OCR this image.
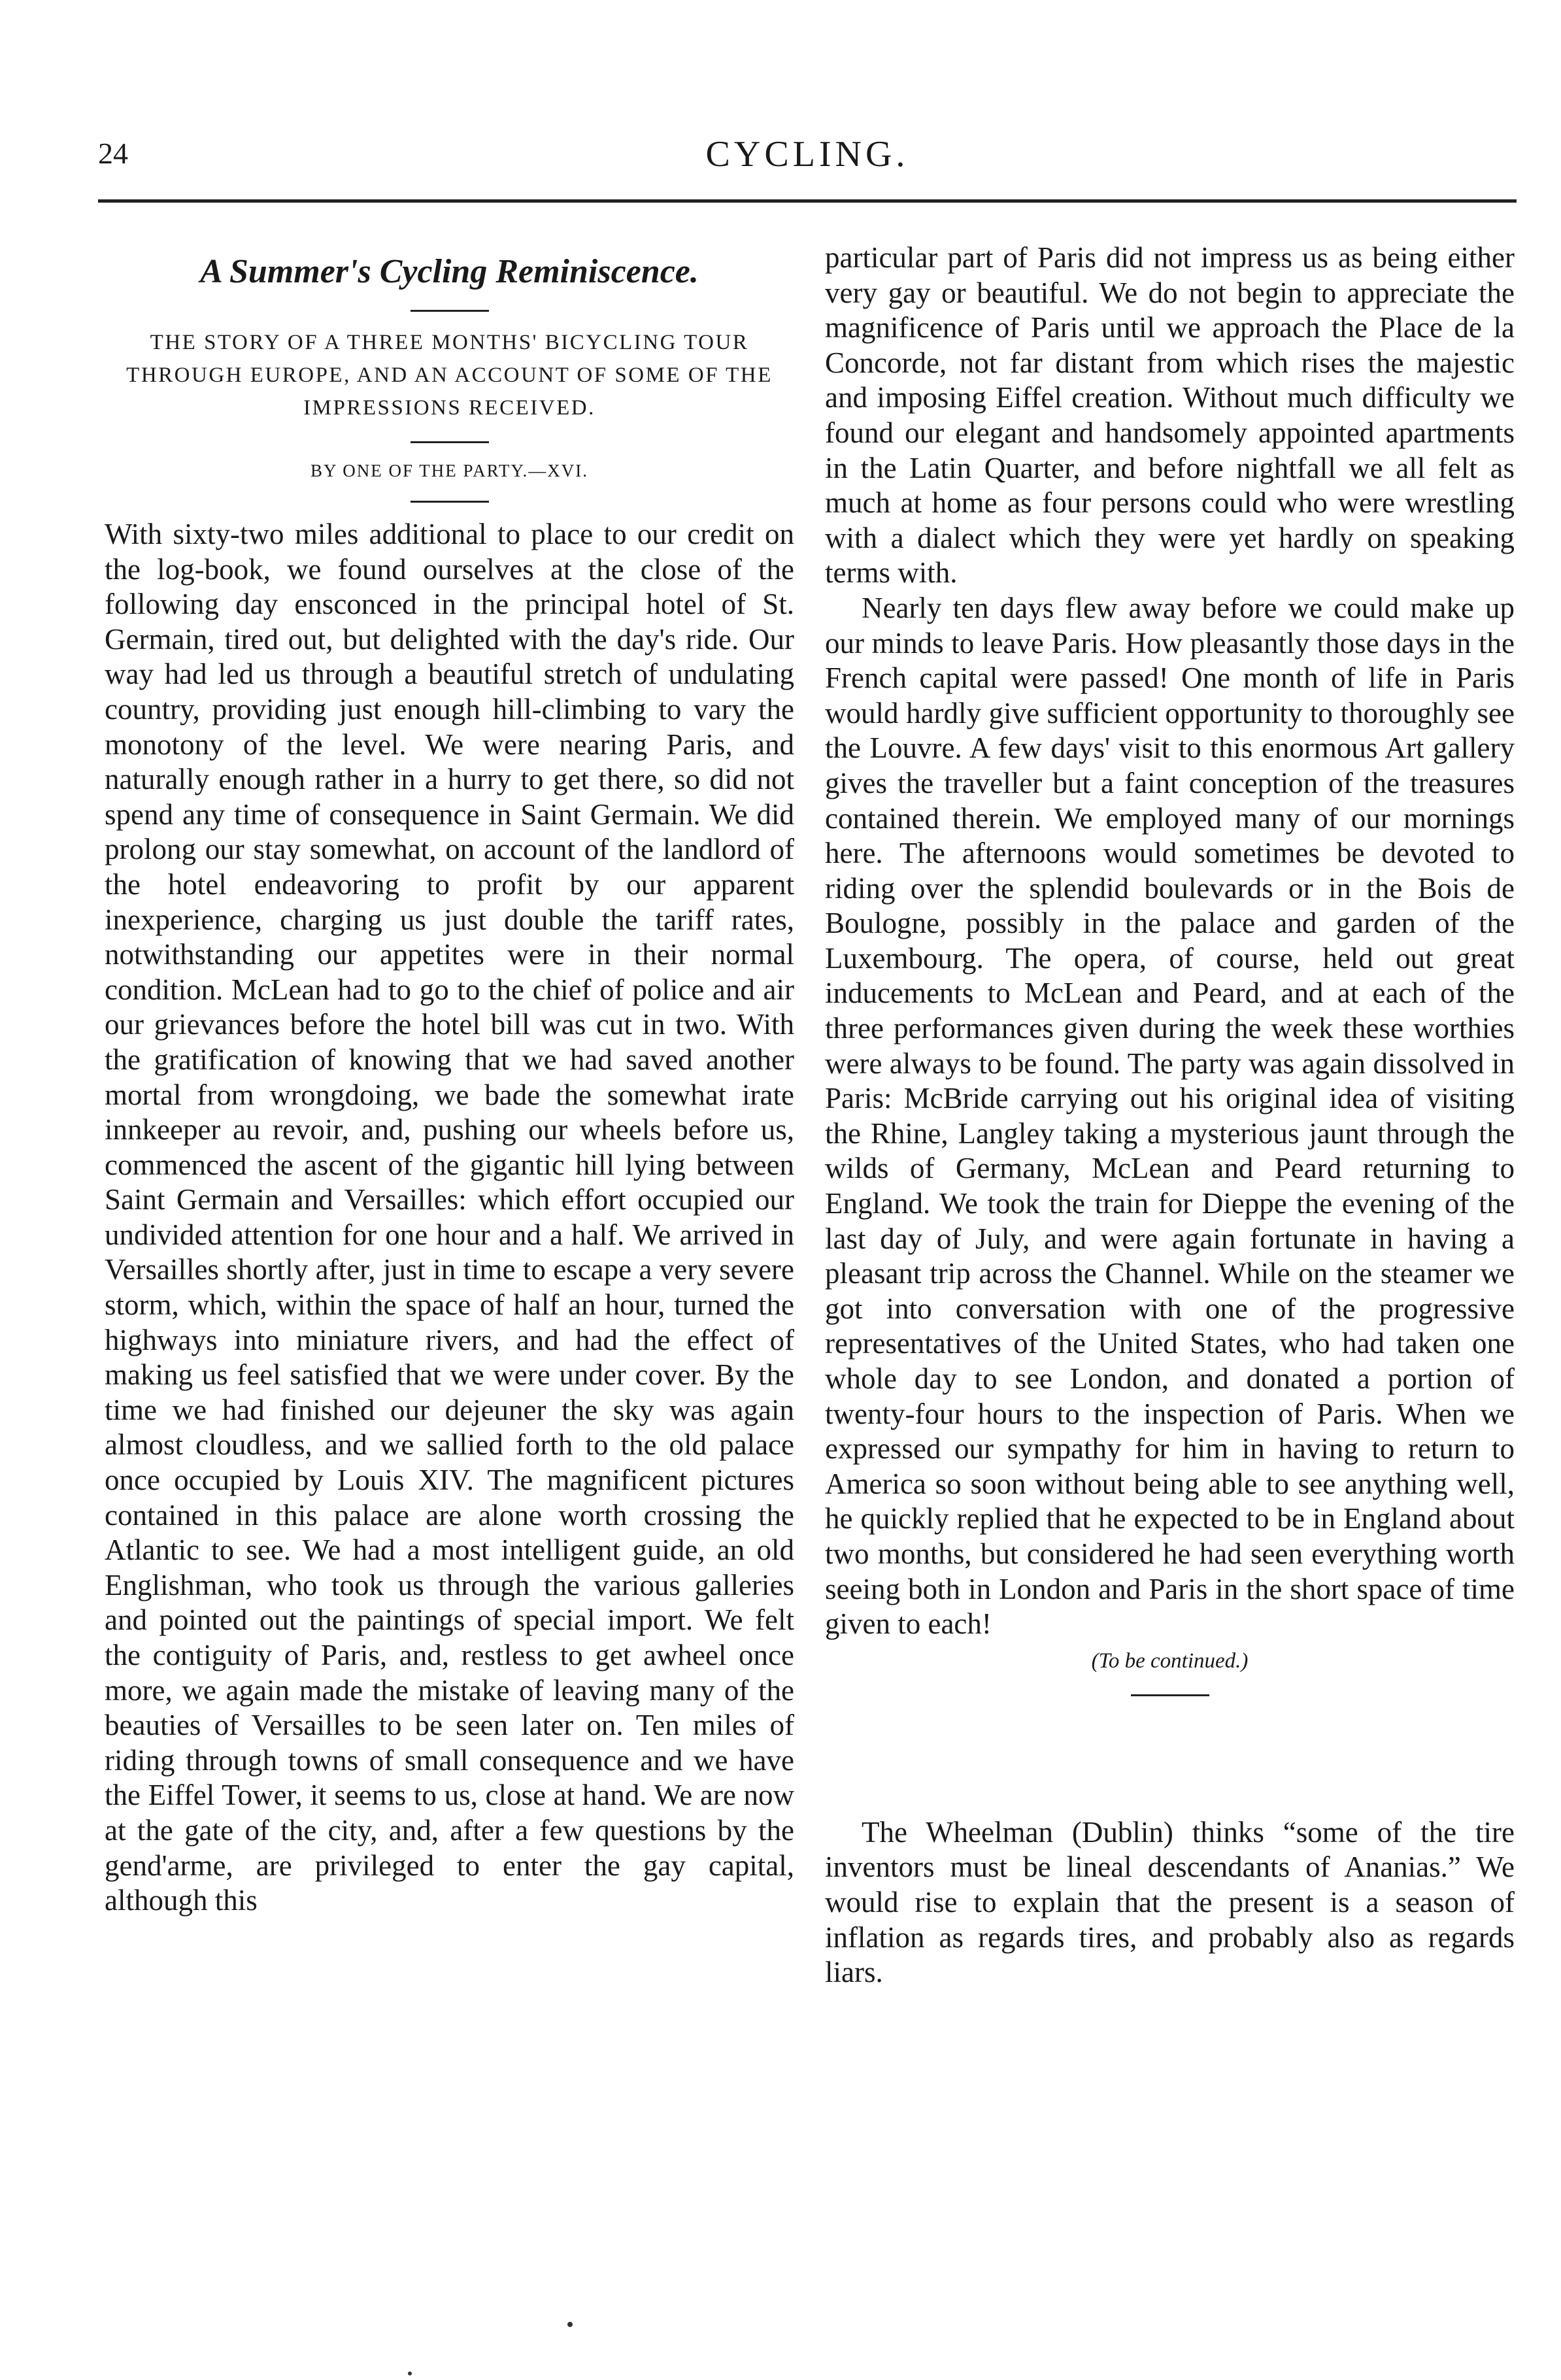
24	CYCLING.
A Summer's Cycling Reminiscence.

THE STORY OF A THREE MONTHS' BICYCLING TOUR THROUGH EUROPE, AND AN ACCOUNT OF SOME OF THE IMPRESSIONS RECEIVED.

BY ONE OF THE PARTY.—XVI.

With sixty-two miles additional to place to our credit on the log-book, we found ourselves at the close of the following day ensconced in the principal hotel of St. Germain, tired out, but delighted with the day's ride. Our way had led us through a beautiful stretch of undulating country, providing just enough hill-climbing to vary the monotony of the level. We were nearing Paris, and naturally enough rather in a hurry to get there, so did not spend any time of consequence in Saint Germain. We did prolong our stay somewhat, on account of the landlord of the hotel endeavoring to profit by our apparent inexperience, charging us just double the tariff rates, notwithstanding our appetites were in their normal condition. McLean had to go to the chief of police and air our grievances before the hotel bill was cut in two. With the gratification of knowing that we had saved another mortal from wrongdoing, we bade the somewhat irate innkeeper au revoir, and, pushing our wheels before us, commenced the ascent of the gigantic hill lying between Saint Germain and Versailles: which effort occupied our undivided attention for one hour and a half. We arrived in Versailles shortly after, just in time to escape a very severe storm, which, within the space of half an hour, turned the highways into miniature rivers, and had the effect of making us feel satisfied that we were under cover. By the time we had finished our dejeuner the sky was again almost cloudless, and we sallied forth to the old palace once occupied by Louis XIV. The magnificent pictures contained in this palace are alone worth crossing the Atlantic to see. We had a most intelligent guide, an old Englishman, who took us through the various galleries and pointed out the paintings of special import. We felt the contiguity of Paris, and, restless to get awheel once more, we again made the mistake of leaving many of the beauties of Versailles to be seen later on. Ten miles of riding through towns of small consequence and we have the Eiffel Tower, it seems to us, close at hand. We are now at the gate of the city, and, after a few questions by the gend'arme, are privileged to enter the gay capital, although this

particular part of Paris did not impress us as being either very gay or beautiful. We do not begin to appreciate the magnificence of Paris until we approach the Place de la Concorde, not far distant from which rises the majestic and imposing Eiffel creation. Without much difficulty we found our elegant and handsomely appointed apartments in the Latin Quarter, and before nightfall we all felt as much at home as four persons could who were wrestling with a dialect which they were yet hardly on speaking terms with.

Nearly ten days flew away before we could make up our minds to leave Paris. How pleasantly those days in the French capital were passed! One month of life in Paris would hardly give sufficient opportunity to thoroughly see the Louvre. A few days' visit to this enormous Art gallery gives the traveller but a faint conception of the treasures contained therein. We employed many of our mornings here. The afternoons would sometimes be devoted to riding over the splendid boulevards or in the Bois de Boulogne, possibly in the palace and garden of the Luxembourg. The opera, of course, held out great inducements to McLean and Peard, and at each of the three performances given during the week these worthies were always to be found. The party was again dissolved in Paris: McBride carrying out his original idea of visiting the Rhine, Langley taking a mysterious jaunt through the wilds of Germany, McLean and Peard returning to England. We took the train for Dieppe the evening of the last day of July, and were again fortunate in having a pleasant trip across the Channel. While on the steamer we got into conversation with one of the progressive representatives of the United States, who had taken one whole day to see London, and donated a portion of twenty-four hours to the inspection of Paris. When we expressed our sympathy for him in having to return to America so soon without being able to see anything well, he quickly replied that he expected to be in England about two months, but considered he had seen everything worth seeing both in London and Paris in the short space of time given to each!

(To be continued.)

The Wheelman (Dublin) thinks “some of the tire inventors must be lineal descendants of Ananias.” We would rise to explain that the present is a season of inflation as regards tires, and probably also as regards liars.
